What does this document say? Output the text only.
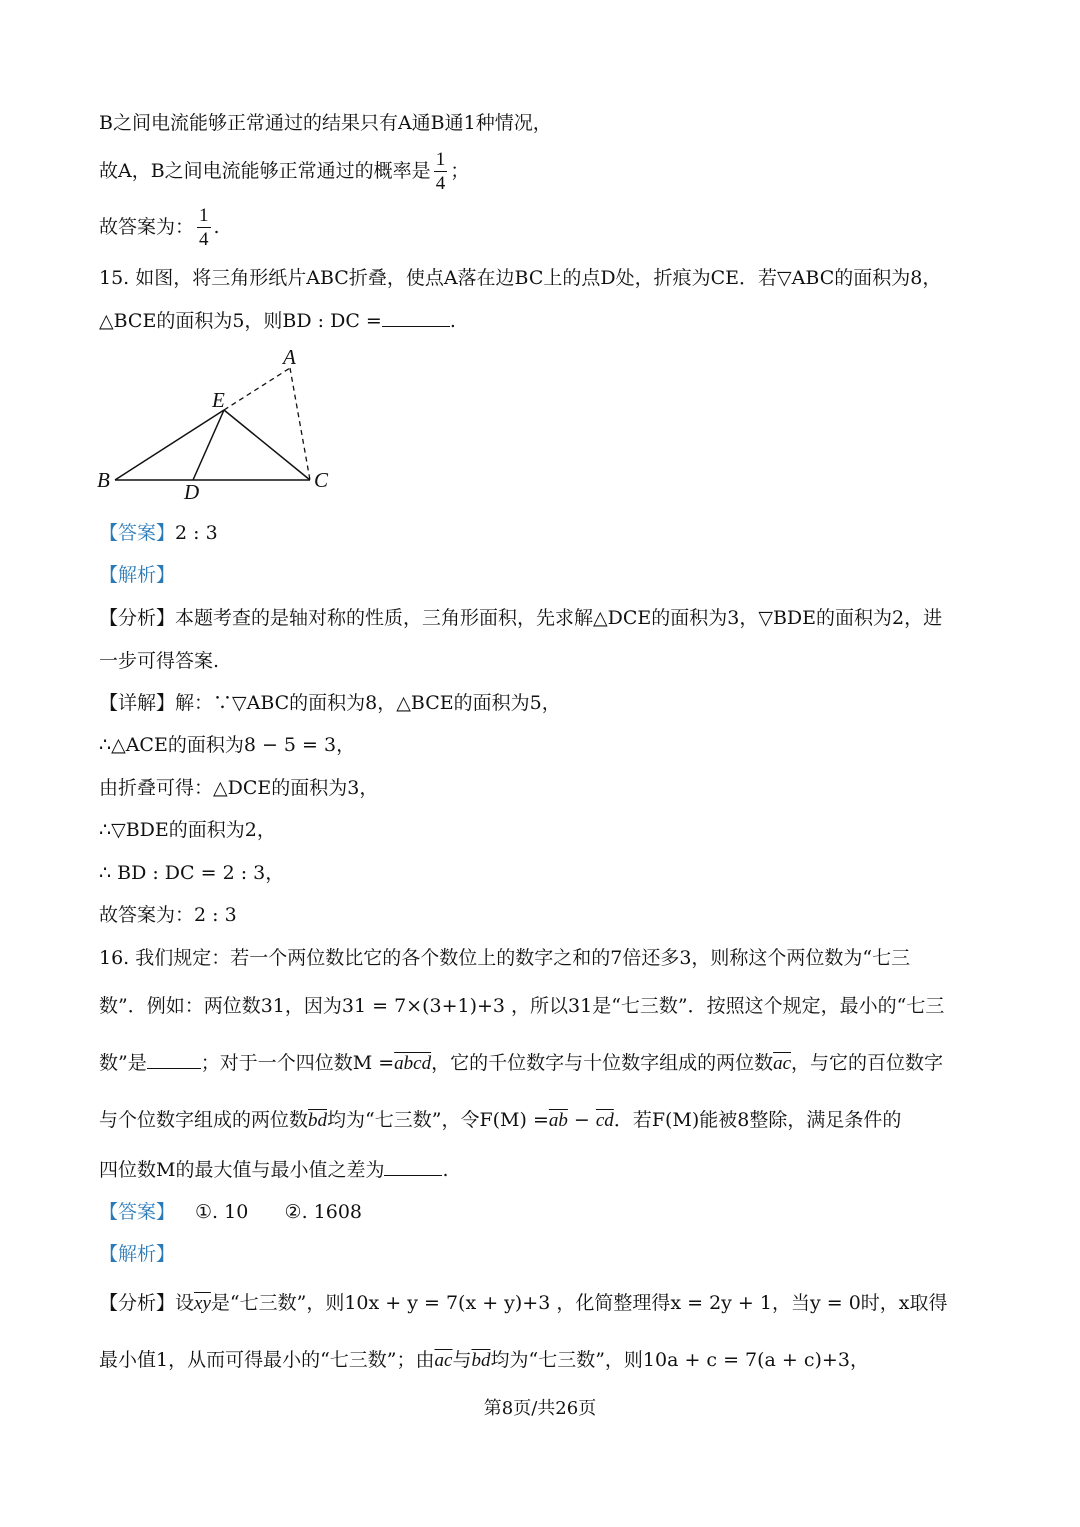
B之间电流能够正常通过的结果只有A通B通1种情况，
故A，B之间电流能够正常通过的概率是 $\frac{1}{4}$ ；
故答案为： $\frac{1}{4}$ .
15. 如图，将三角形纸片ABC折叠，使点A落在边BC上的点D处，折痕为CE．若▽ABC的面积为8，
△BCE的面积为5，则BD : DC =	.
A
E
B	D	C
【答案】2 : 3
【解析】
【分析】本题考查的是轴对称的性质，三角形面积，先求解△DCE的面积为3，▽BDE的面积为2，进
一步可得答案.
【详解】解：∵▽ABC的面积为8，△BCE的面积为5，
∴△ACE的面积为8 − 5 = 3，
由折叠可得：△DCE的面积为3，
∴▽BDE的面积为2，
∴ BD : DC = 2 : 3，
故答案为：2 : 3
16. 我们规定：若一个两位数比它的各个数位上的数字之和的7倍还多3，则称这个两位数为“七三
数”．例如：两位数31，因为31 = 7×(3+1)+3 ，所以31是“七三数”．按照这个规定，最小的“七三
数”是	；对于一个四位数M =abcd，它的千位数字与十位数字组成的两位数$\overline{ac}$，与它的百位数字
与个位数字组成的两位数$\overline{bd}$均为“七三数”，令$F(M) =\overline{ab} - \overline{cd}$．若F(M)能被8整除，满足条件的
四位数M的最大值与最小值之差为	.
【答案】 ①. 10      ②. 1608
【解析】
【分析】设$\overline{xy}$是“七三数”，则10x + y = 7(x + y)+3 ，化简整理得x = 2y + 1，当y = 0时，x取得
最小值1，从而可得最小的“七三数”；由$\overline{ac}$与$\overline{bd}$均为“七三数”，则10a + c = 7(a + c)+3，
第8页/共26页
